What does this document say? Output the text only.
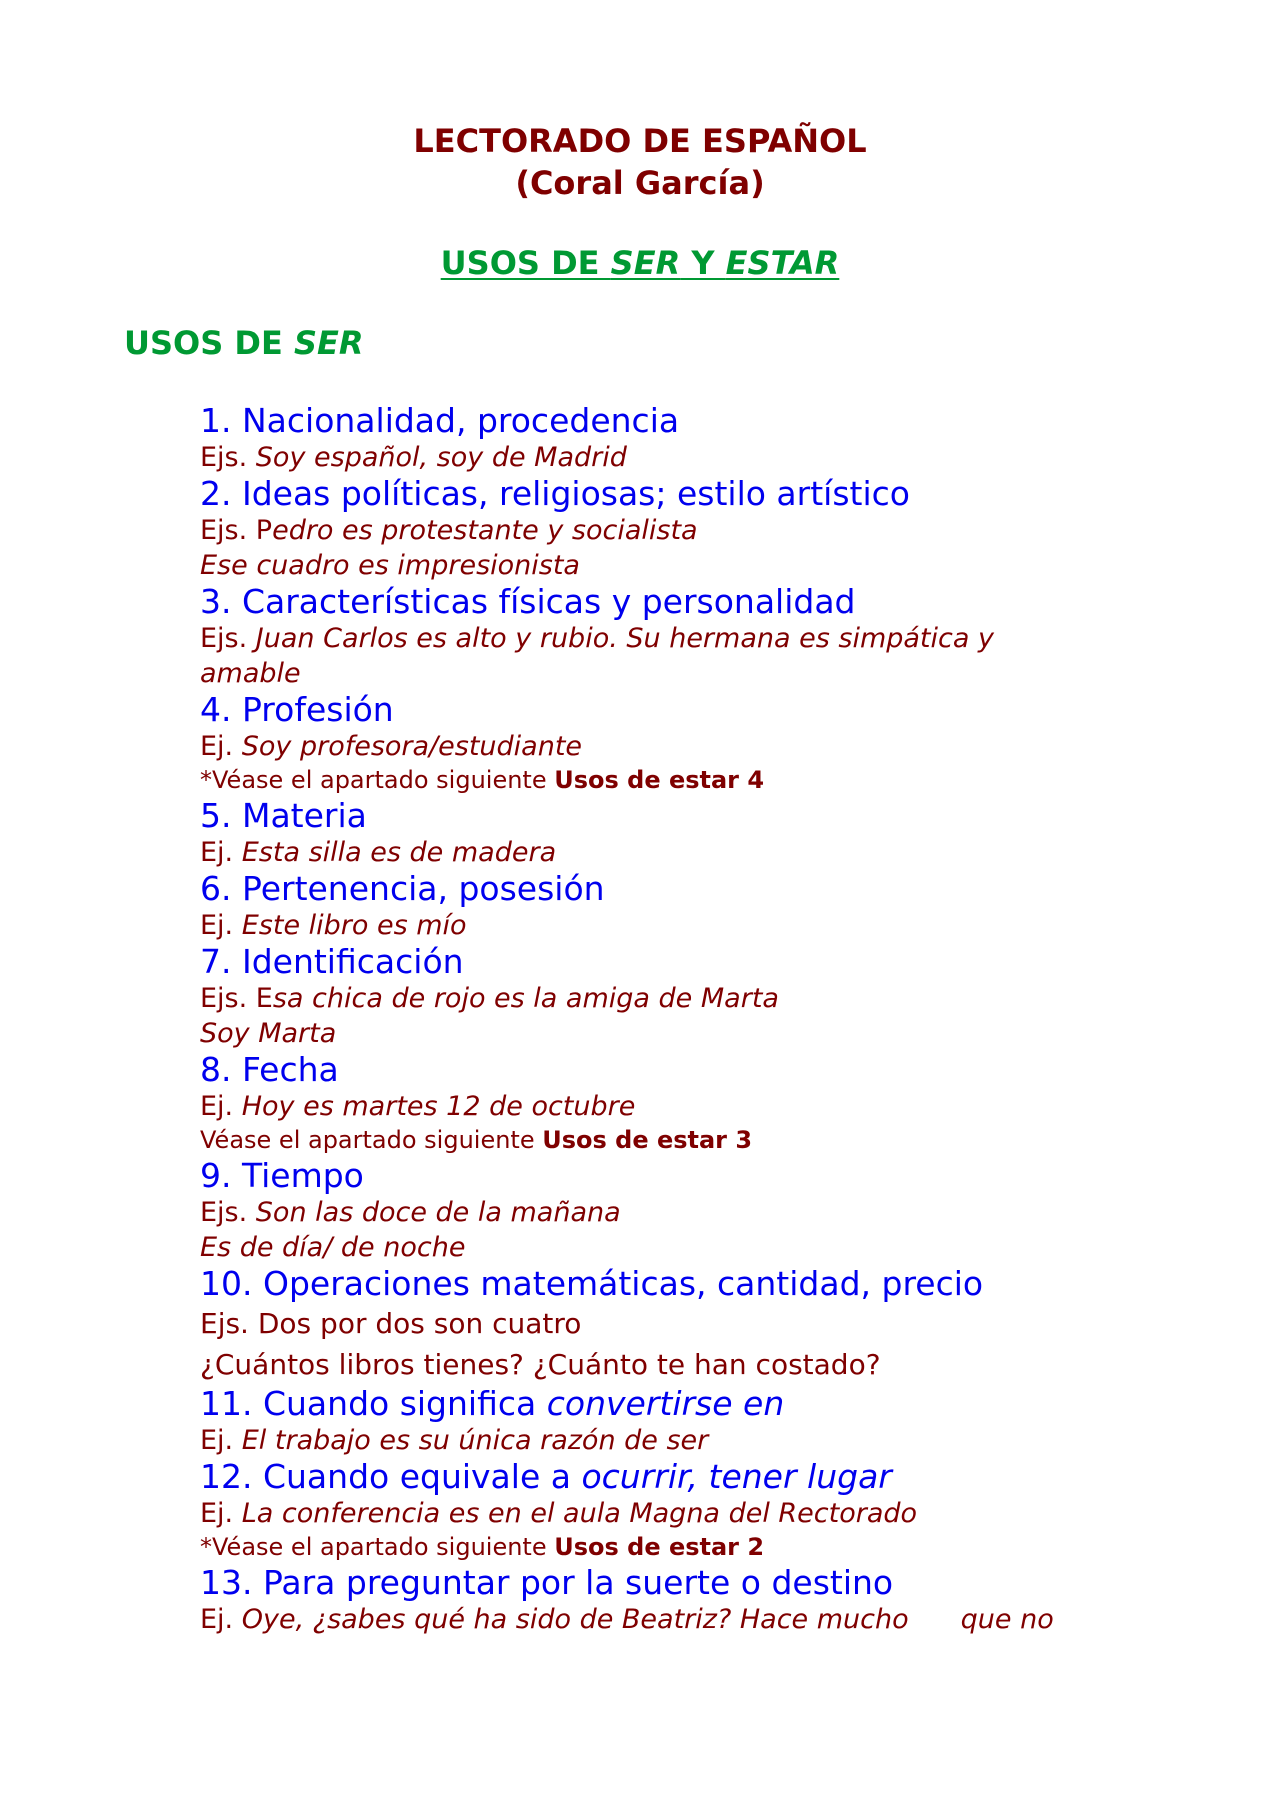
LECTORADO DE ESPAÑOL
(Coral García)
USOS DE SER Y ESTAR
USOS DE SER
1. Nacionalidad, procedencia
Ejs. Soy español, soy de Madrid
2. Ideas políticas, religiosas; estilo artístico
Ejs. Pedro es protestante y socialista
Ese cuadro es impresionista
3. Características físicas y personalidad
Ejs. Juan Carlos es alto y rubio. Su hermana es simpática y
amable
4. Profesión
Ej. Soy profesora/estudiante
*Véase el apartado siguiente Usos de estar 4
5. Materia
Ej. Esta silla es de madera
6. Pertenencia, posesión
Ej. Este libro es mío
7. Identificación
Ejs. Esa chica de rojo es la amiga de Marta
Soy Marta
8. Fecha
Ej. Hoy es martes 12 de octubre
Véase el apartado siguiente Usos de estar 3
9. Tiempo
Ejs. Son las doce de la mañana
Es de día/ de noche
10. Operaciones matemáticas, cantidad, precio
Ejs. Dos por dos son cuatro
¿Cuántos libros tienes? ¿Cuánto te han costado?
11. Cuando significa convertirse en
Ej. El trabajo es su única razón de ser
12. Cuando equivale a ocurrir, tener lugar
Ej. La conferencia es en el aula Magna del Rectorado
*Véase el apartado siguiente Usos de estar 2
13. Para preguntar por la suerte o destino
Ej. Oye, ¿sabes qué ha sido de Beatriz? Hace mucho que no
